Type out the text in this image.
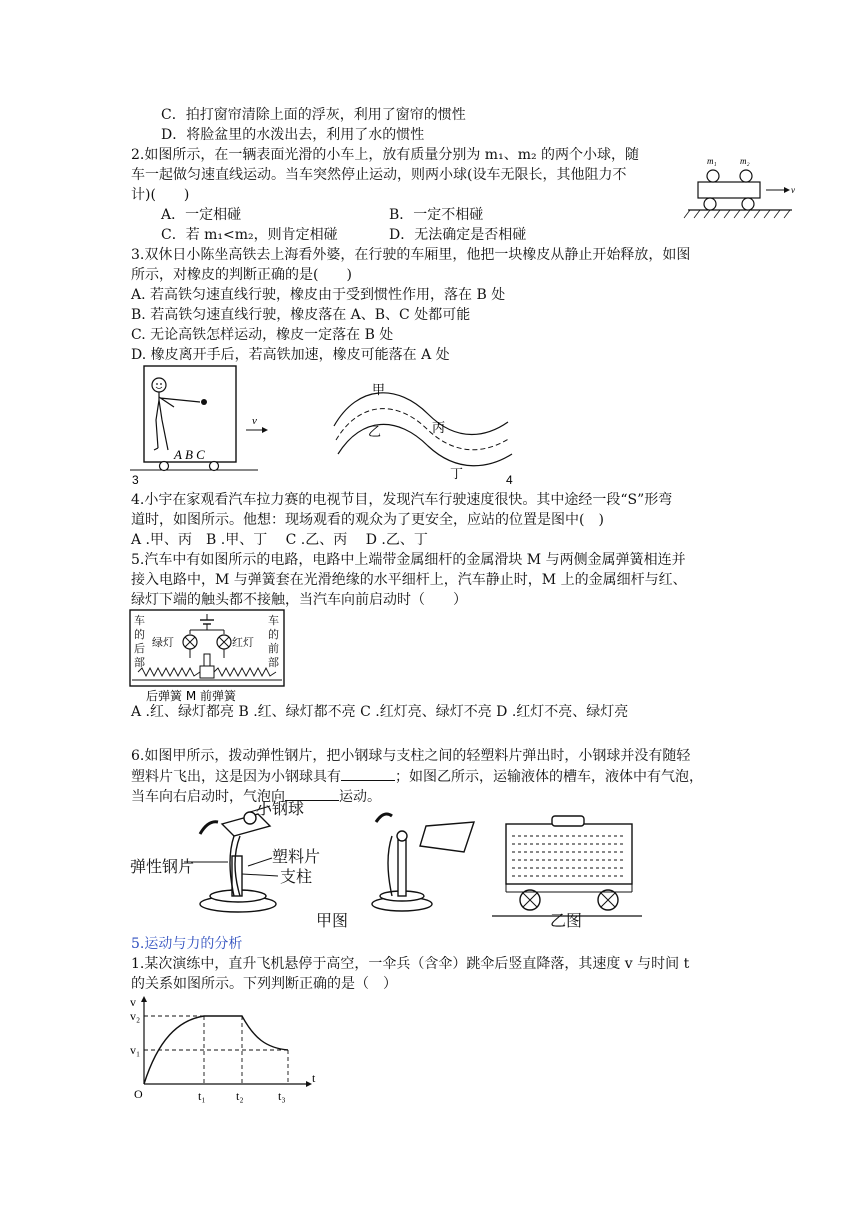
C．拍打窗帘清除上面的浮灰，利用了窗帘的惯性
D．将脸盆里的水泼出去，利用了水的惯性
2.如图所示，在一辆表面光滑的小车上，放有质量分别为 m₁、m₂ 的两个小球，随
车一起做匀速直线运动。当车突然停止运动，则两小球(设车无限长，其他阻力不
计)(　　)
A．一定相碰	B．一定不相碰
C．若 m₁<m₂，则肯定相碰	D．无法确定是否相碰
m₁	m₂
v
3.双休日小陈坐高铁去上海看外婆，在行驶的车厢里，他把一块橡皮从静止开始释放，如图
所示，对橡皮的判断正确的是(　　)
A. 若高铁匀速直线行驶，橡皮由于受到惯性作用，落在 B 处
B. 若高铁匀速直线行驶，橡皮落在 A、B、C 处都可能
C. 无论高铁怎样运动，橡皮一定落在 B 处
D. 橡皮离开手后，若高铁加速，橡皮可能落在 A 处
A B C
v
3
甲
乙	丙
丁	4
4.小宇在家观看汽车拉力赛的电视节目，发现汽车行驶速度很快。其中途经一段“S”形弯
道时，如图所示。他想：现场观看的观众为了更安全，应站的位置是图中(　)
A .甲、丙　B .甲、丁　 C .乙、丙　 D .乙、丁
5.汽车中有如图所示的电路，电路中上端带金属细杆的金属滑块 M 与两侧金属弹簧相连并
接入电路中，M 与弹簧套在光滑绝缘的水平细杆上，汽车静止时，M 上的金属细杆与红、
绿灯下端的触头都不接触，当汽车向前启动时（　　）
车
的
后
部
车
的
前
部
绿灯	红灯
后弹簧 M 前弹簧
A .红、绿灯都亮 B .红、绿灯都不亮 C .红灯亮、绿灯不亮 D .红灯不亮、绿灯亮
6.如图甲所示，拨动弹性钢片，把小钢球与支柱之间的轻塑料片弹出时，小钢球并没有随轻
塑料片飞出，这是因为小钢球具有	；如图乙所示，运输液体的槽车，液体中有气泡，
当车向右启动时，气泡向	运动。
小钢球
塑料片
弹性钢片
支柱
甲图	乙图
5.运动与力的分析
1.某次演练中，直升飞机悬停于高空，一伞兵（含伞）跳伞后竖直降落，其速度 v 与时间 t
的关系如图所示。下列判断正确的是（　）
v
t
v₂
v₁
O	t₁	t₂	t₃
